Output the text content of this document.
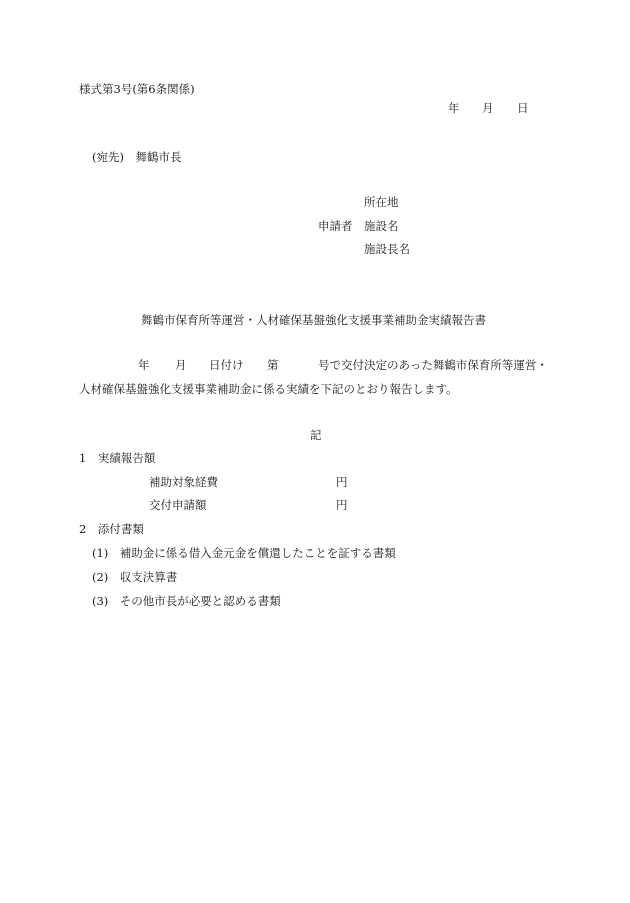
様式第3号(第6条関係)
年 月 日
(宛先)　舞鶴市長
所在地
申請者 施設名
施設長名
舞鶴市保育所等運営・人材確保基盤強化支援事業補助金実績報告書
年 月 日付け 第	号で交付決定のあった舞鶴市保育所等運営・
人材確保基盤強化支援事業補助金に係る実績を下記のとおり報告します。
記
1　実績報告額
補助対象経費	円
交付申請額	円
2　添付書類
(1)　補助金に係る借入金元金を償還したことを証する書類
(2)　収支決算書
(3)　その他市長が必要と認める書類
